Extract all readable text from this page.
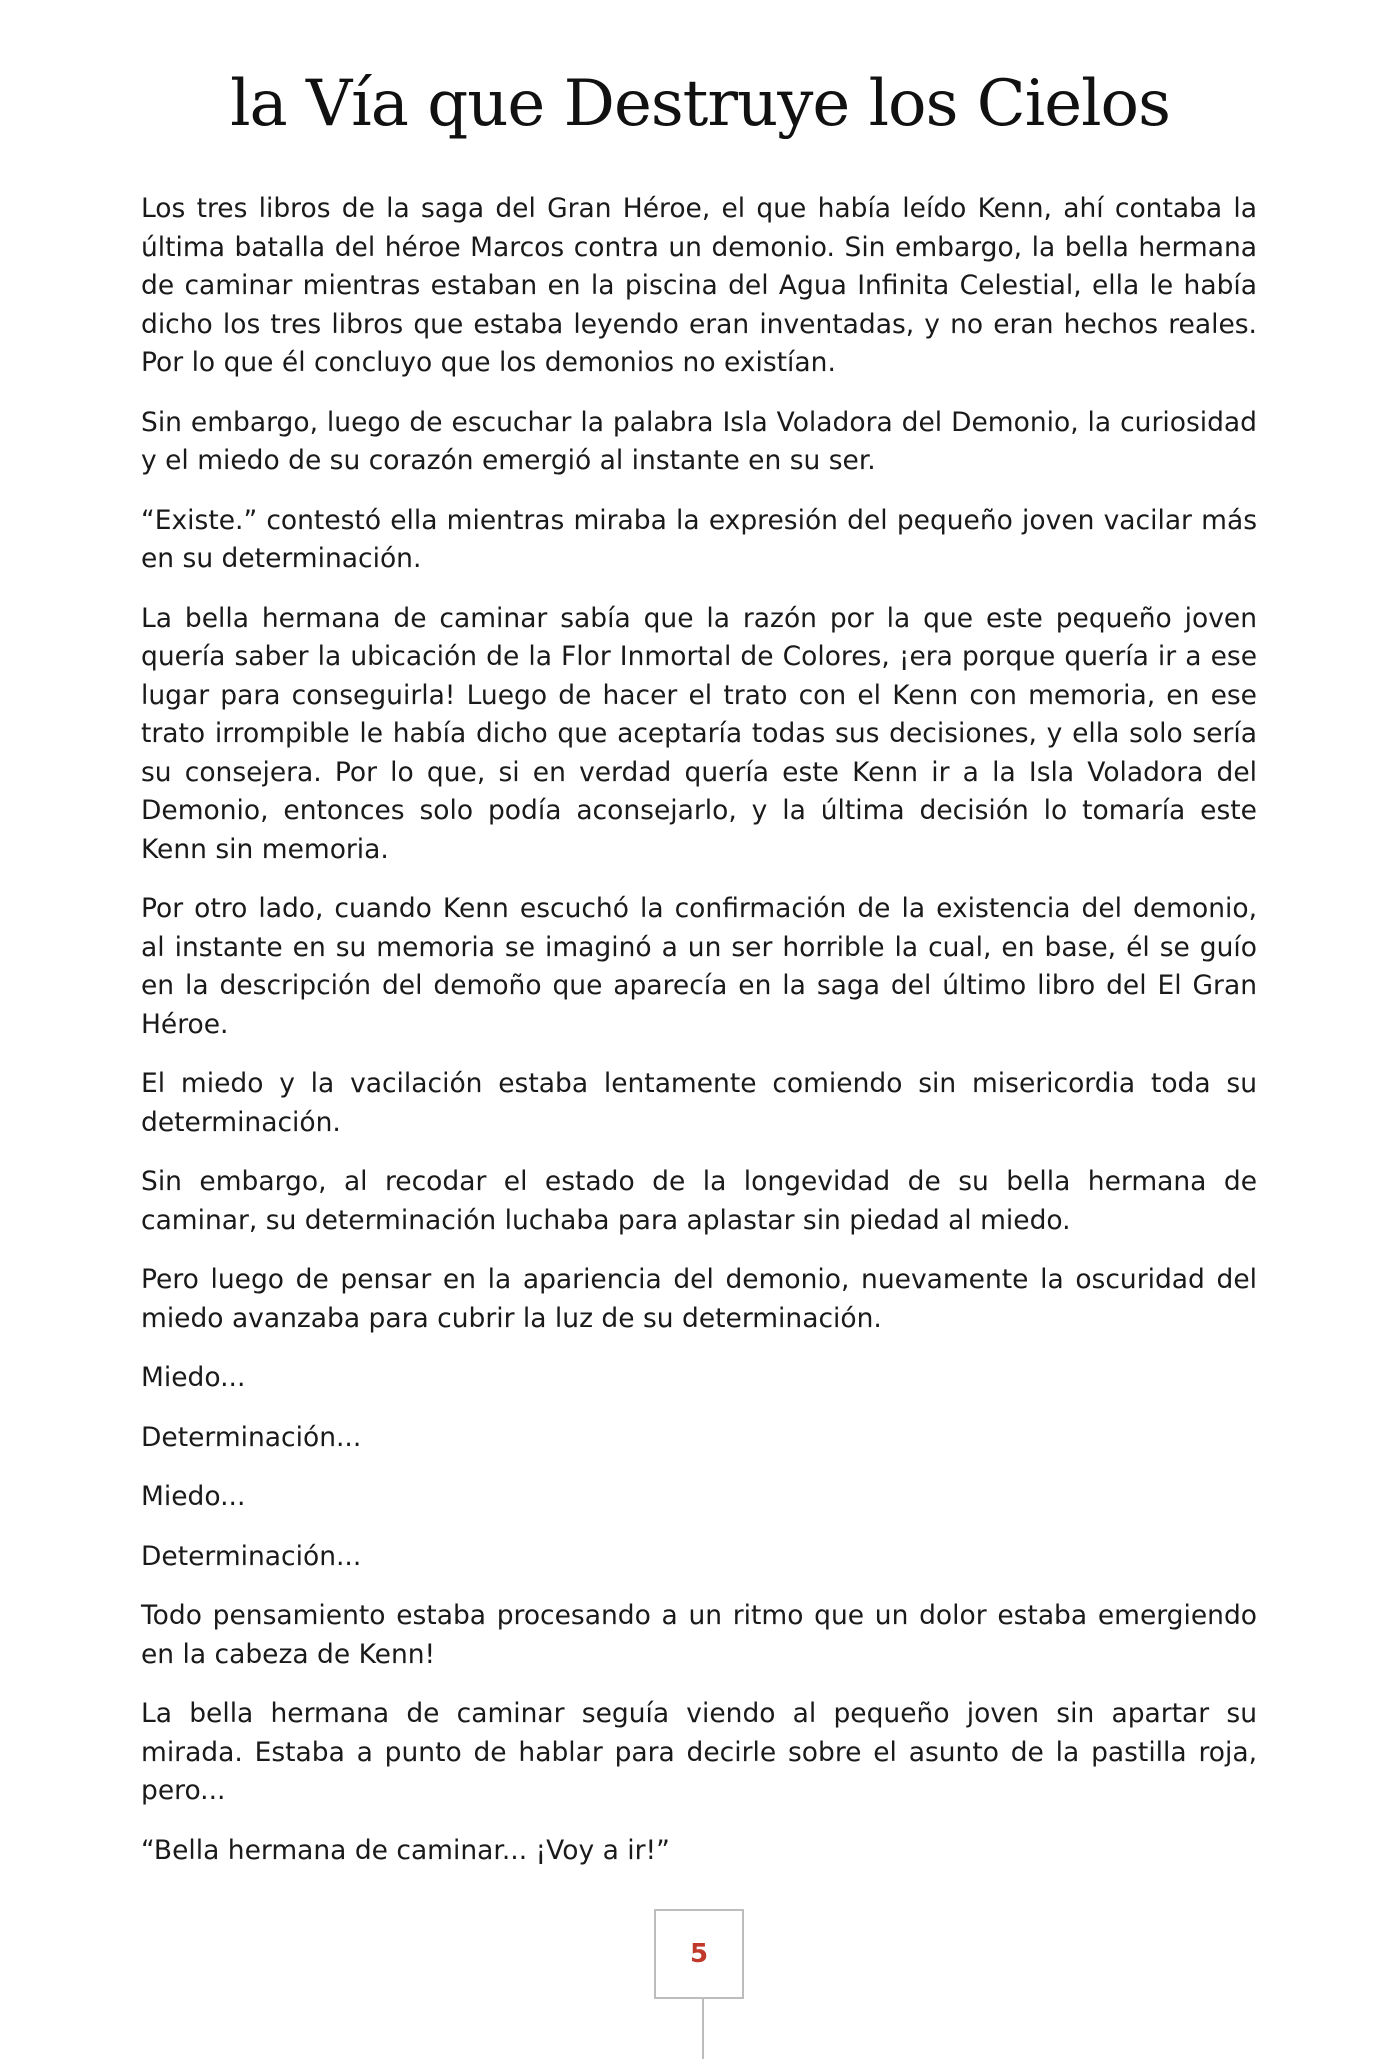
la Vía que Destruye los Cielos

Los tres libros de la saga del Gran Héroe, el que había leído Kenn, ahí contaba la última batalla del héroe Marcos contra un demonio. Sin embargo, la bella hermana de caminar mientras estaban en la piscina del Agua Infinita Celestial, ella le había dicho los tres libros que estaba leyendo eran inventadas, y no eran hechos reales. Por lo que él concluyo que los demonios no existían.

Sin embargo, luego de escuchar la palabra Isla Voladora del Demonio, la curiosidad y el miedo de su corazón emergió al instante en su ser.

“Existe.” contestó ella mientras miraba la expresión del pequeño joven vacilar más en su determinación.

La bella hermana de caminar sabía que la razón por la que este pequeño joven quería saber la ubicación de la Flor Inmortal de Colores, ¡era porque quería ir a ese lugar para conseguirla! Luego de hacer el trato con el Kenn con memoria, en ese trato irrompible le había dicho que aceptaría todas sus decisiones, y ella solo sería su consejera. Por lo que, si en verdad quería este Kenn ir a la Isla Voladora del Demonio, entonces solo podía aconsejarlo, y la última decisión lo tomaría este Kenn sin memoria.

Por otro lado, cuando Kenn escuchó la confirmación de la existencia del demonio, al instante en su memoria se imaginó a un ser horrible la cual, en base, él se guío en la descripción del demoño que aparecía en la saga del último libro del El Gran Héroe.

El miedo y la vacilación estaba lentamente comiendo sin misericordia toda su determinación.

Sin embargo, al recodar el estado de la longevidad de su bella hermana de caminar, su determinación luchaba para aplastar sin piedad al miedo.

Pero luego de pensar en la apariencia del demonio, nuevamente la oscuridad del miedo avanzaba para cubrir la luz de su determinación.

Miedo...

Determinación...

Miedo...

Determinación...

Todo pensamiento estaba procesando a un ritmo que un dolor estaba emergiendo en la cabeza de Kenn!

La bella hermana de caminar seguía viendo al pequeño joven sin apartar su mirada. Estaba a punto de hablar para decirle sobre el asunto de la pastilla roja, pero...

“Bella hermana de caminar... ¡Voy a ir!”

5
